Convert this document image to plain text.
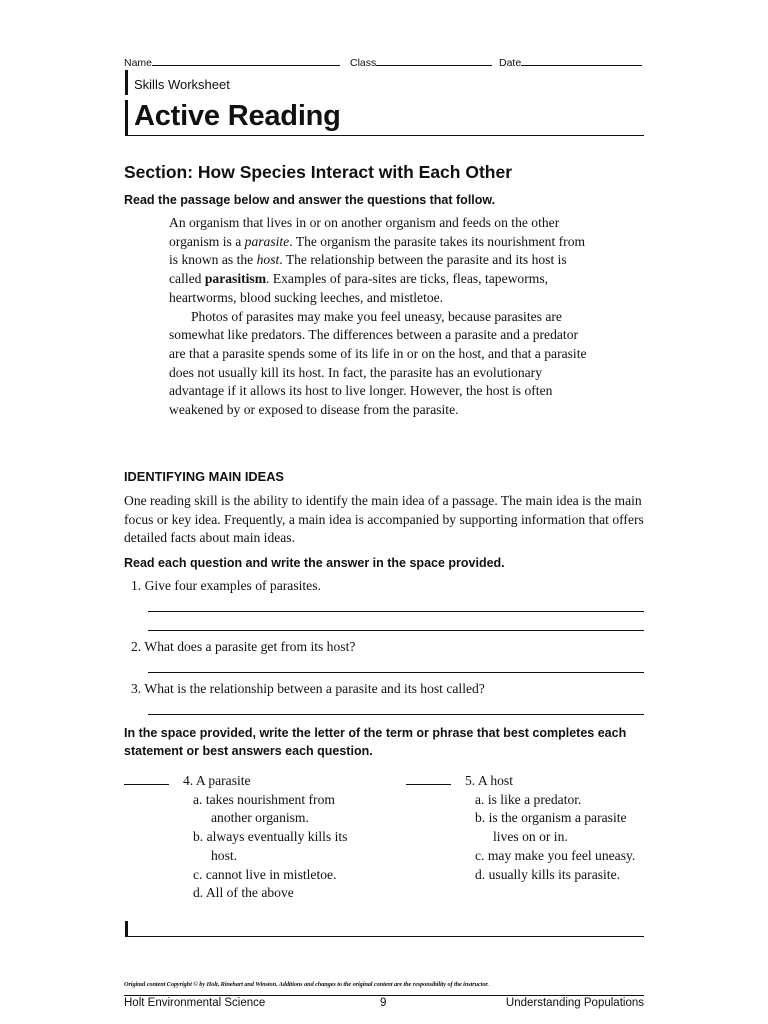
Name	Class	Date
Skills Worksheet
Active Reading
Section: How Species Interact with Each Other
Read the passage below and answer the questions that follow.

An organism that lives in or on another organism and feeds on the other organism is a parasite. The organism the parasite takes its nourishment from is known as the host. The relationship between the parasite and its host is called parasitism. Examples of para-sites are ticks, fleas, tapeworms, heartworms, blood sucking leeches, and mistletoe.

Photos of parasites may make you feel uneasy, because parasites are somewhat like predators. The differences between a parasite and a predator are that a parasite spends some of its life in or on the host, and that a parasite does not usually kill its host. In fact, the parasite has an evolutionary advantage if it allows its host to live longer. However, the host is often weakened by or exposed to disease from the parasite.

IDENTIFYING MAIN IDEAS
One reading skill is the ability to identify the main idea of a passage. The main idea is the main focus or key idea. Frequently, a main idea is accompanied by supporting information that offers detailed facts about main ideas.
Read each question and write the answer in the space provided.
1. Give four examples of parasites.
2. What does a parasite get from its host?
3. What is the relationship between a parasite and its host called?
In the space provided, write the letter of the term or phrase that best completes each statement or best answers each question.
4. A parasite
a. takes nourishment from another organism.
b. always eventually kills its host.
c. cannot live in mistletoe.
d. All of the above
5. A host
a. is like a predator.
b. is the organism a parasite lives on or in.
c. may make you feel uneasy.
d. usually kills its parasite.
Original content Copyright © by Holt, Rinehart and Winston. Additions and changes to the original content are the responsibility of the instructor.
Holt Environmental Science	9	Understanding Populations
